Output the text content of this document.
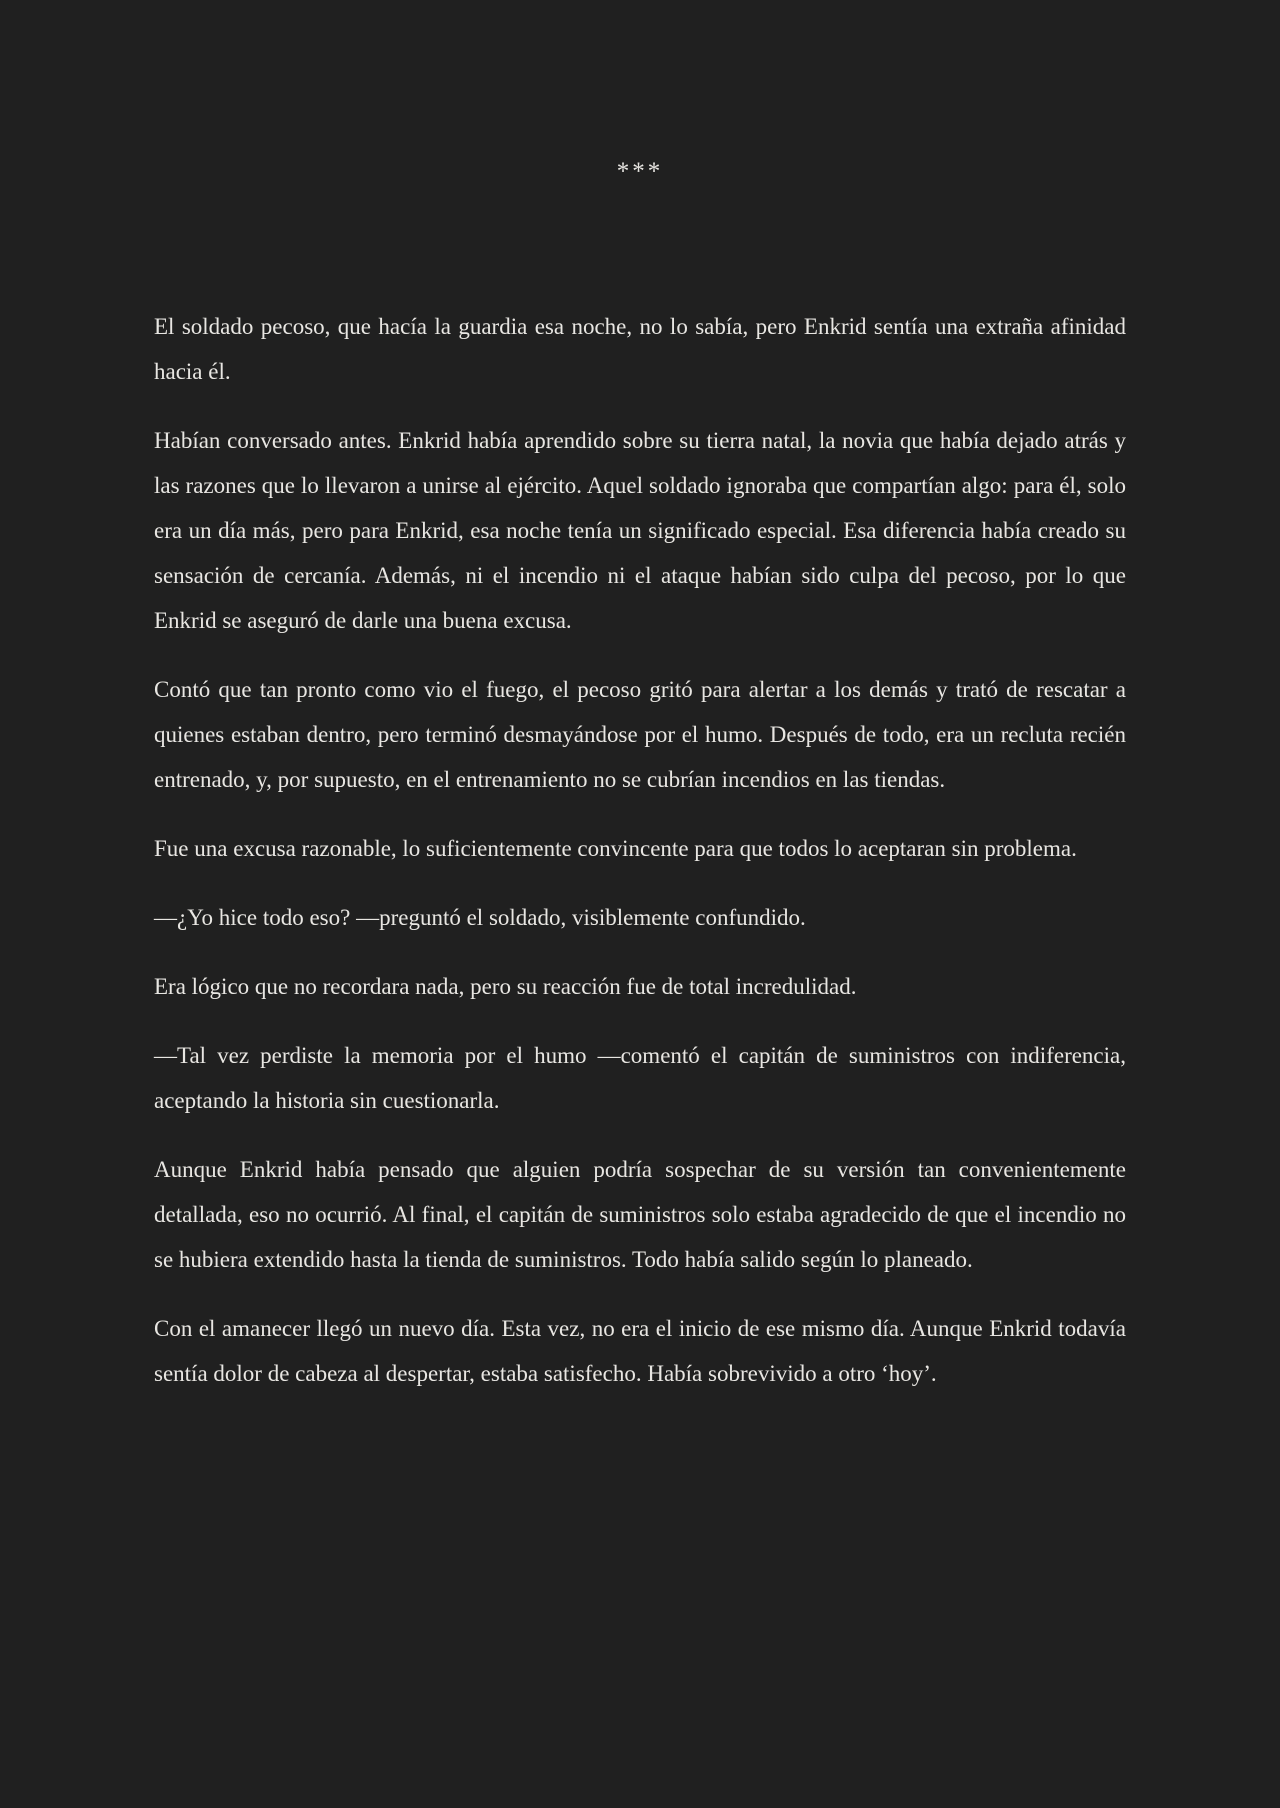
***

El soldado pecoso, que hacía la guardia esa noche, no lo sabía, pero Enkrid sentía una extraña afinidad hacia él.

Habían conversado antes. Enkrid había aprendido sobre su tierra natal, la novia que había dejado atrás y las razones que lo llevaron a unirse al ejército. Aquel soldado ignoraba que compartían algo: para él, solo era un día más, pero para Enkrid, esa noche tenía un significado especial. Esa diferencia había creado su sensación de cercanía. Además, ni el incendio ni el ataque habían sido culpa del pecoso, por lo que Enkrid se aseguró de darle una buena excusa.

Contó que tan pronto como vio el fuego, el pecoso gritó para alertar a los demás y trató de rescatar a quienes estaban dentro, pero terminó desmayándose por el humo. Después de todo, era un recluta recién entrenado, y, por supuesto, en el entrenamiento no se cubrían incendios en las tiendas.

Fue una excusa razonable, lo suficientemente convincente para que todos lo aceptaran sin problema.

—¿Yo hice todo eso? —preguntó el soldado, visiblemente confundido.

Era lógico que no recordara nada, pero su reacción fue de total incredulidad.

—Tal vez perdiste la memoria por el humo —comentó el capitán de suministros con indiferencia, aceptando la historia sin cuestionarla.

Aunque Enkrid había pensado que alguien podría sospechar de su versión tan convenientemente detallada, eso no ocurrió. Al final, el capitán de suministros solo estaba agradecido de que el incendio no se hubiera extendido hasta la tienda de suministros. Todo había salido según lo planeado.

Con el amanecer llegó un nuevo día. Esta vez, no era el inicio de ese mismo día. Aunque Enkrid todavía sentía dolor de cabeza al despertar, estaba satisfecho. Había sobrevivido a otro ‘hoy’.
